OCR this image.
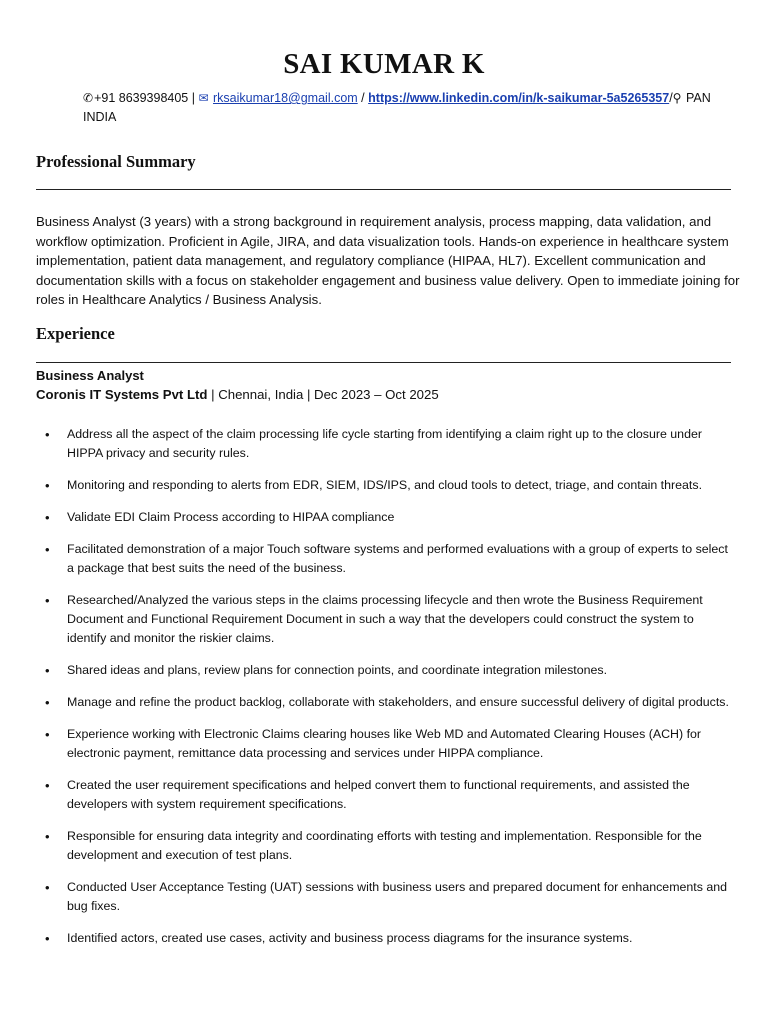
SAI KUMAR K
✆+91 8639398405 | ✉ rksaikumar18@gmail.com / https://www.linkedin.com/in/k-saikumar-5a5265357/⚲ PAN INDIA
Professional Summary

Business Analyst (3 years) with a strong background in requirement analysis, process mapping, data validation, and workflow optimization. Proficient in Agile, JIRA, and data visualization tools. Hands-on experience in healthcare system implementation, patient data management, and regulatory compliance (HIPAA, HL7). Excellent communication and documentation skills with a focus on stakeholder engagement and business value delivery. Open to immediate joining for roles in Healthcare Analytics / Business Analysis.

Experience
Business Analyst
Coronis IT Systems Pvt Ltd | Chennai, India | Dec 2023 – Oct 2025
• Address all the aspect of the claim processing life cycle starting from identifying a claim right up to the closure under HIPPA privacy and security rules.
• Monitoring and responding to alerts from EDR, SIEM, IDS/IPS, and cloud tools to detect, triage, and contain threats.
• Validate EDI Claim Process according to HIPAA compliance
• Facilitated demonstration of a major Touch software systems and performed evaluations with a group of experts to select a package that best suits the need of the business.
• Researched/Analyzed the various steps in the claims processing lifecycle and then wrote the Business Requirement Document and Functional Requirement Document in such a way that the developers could construct the system to identify and monitor the riskier claims.
• Shared ideas and plans, review plans for connection points, and coordinate integration milestones.
• Manage and refine the product backlog, collaborate with stakeholders, and ensure successful delivery of digital products.
• Experience working with Electronic Claims clearing houses like Web MD and Automated Clearing Houses (ACH) for electronic payment, remittance data processing and services under HIPPA compliance.
• Created the user requirement specifications and helped convert them to functional requirements, and assisted the developers with system requirement specifications.
• Responsible for ensuring data integrity and coordinating efforts with testing and implementation. Responsible for the development and execution of test plans.
• Conducted User Acceptance Testing (UAT) sessions with business users and prepared document for enhancements and bug fixes.
• Identified actors, created use cases, activity and business process diagrams for the insurance systems.
